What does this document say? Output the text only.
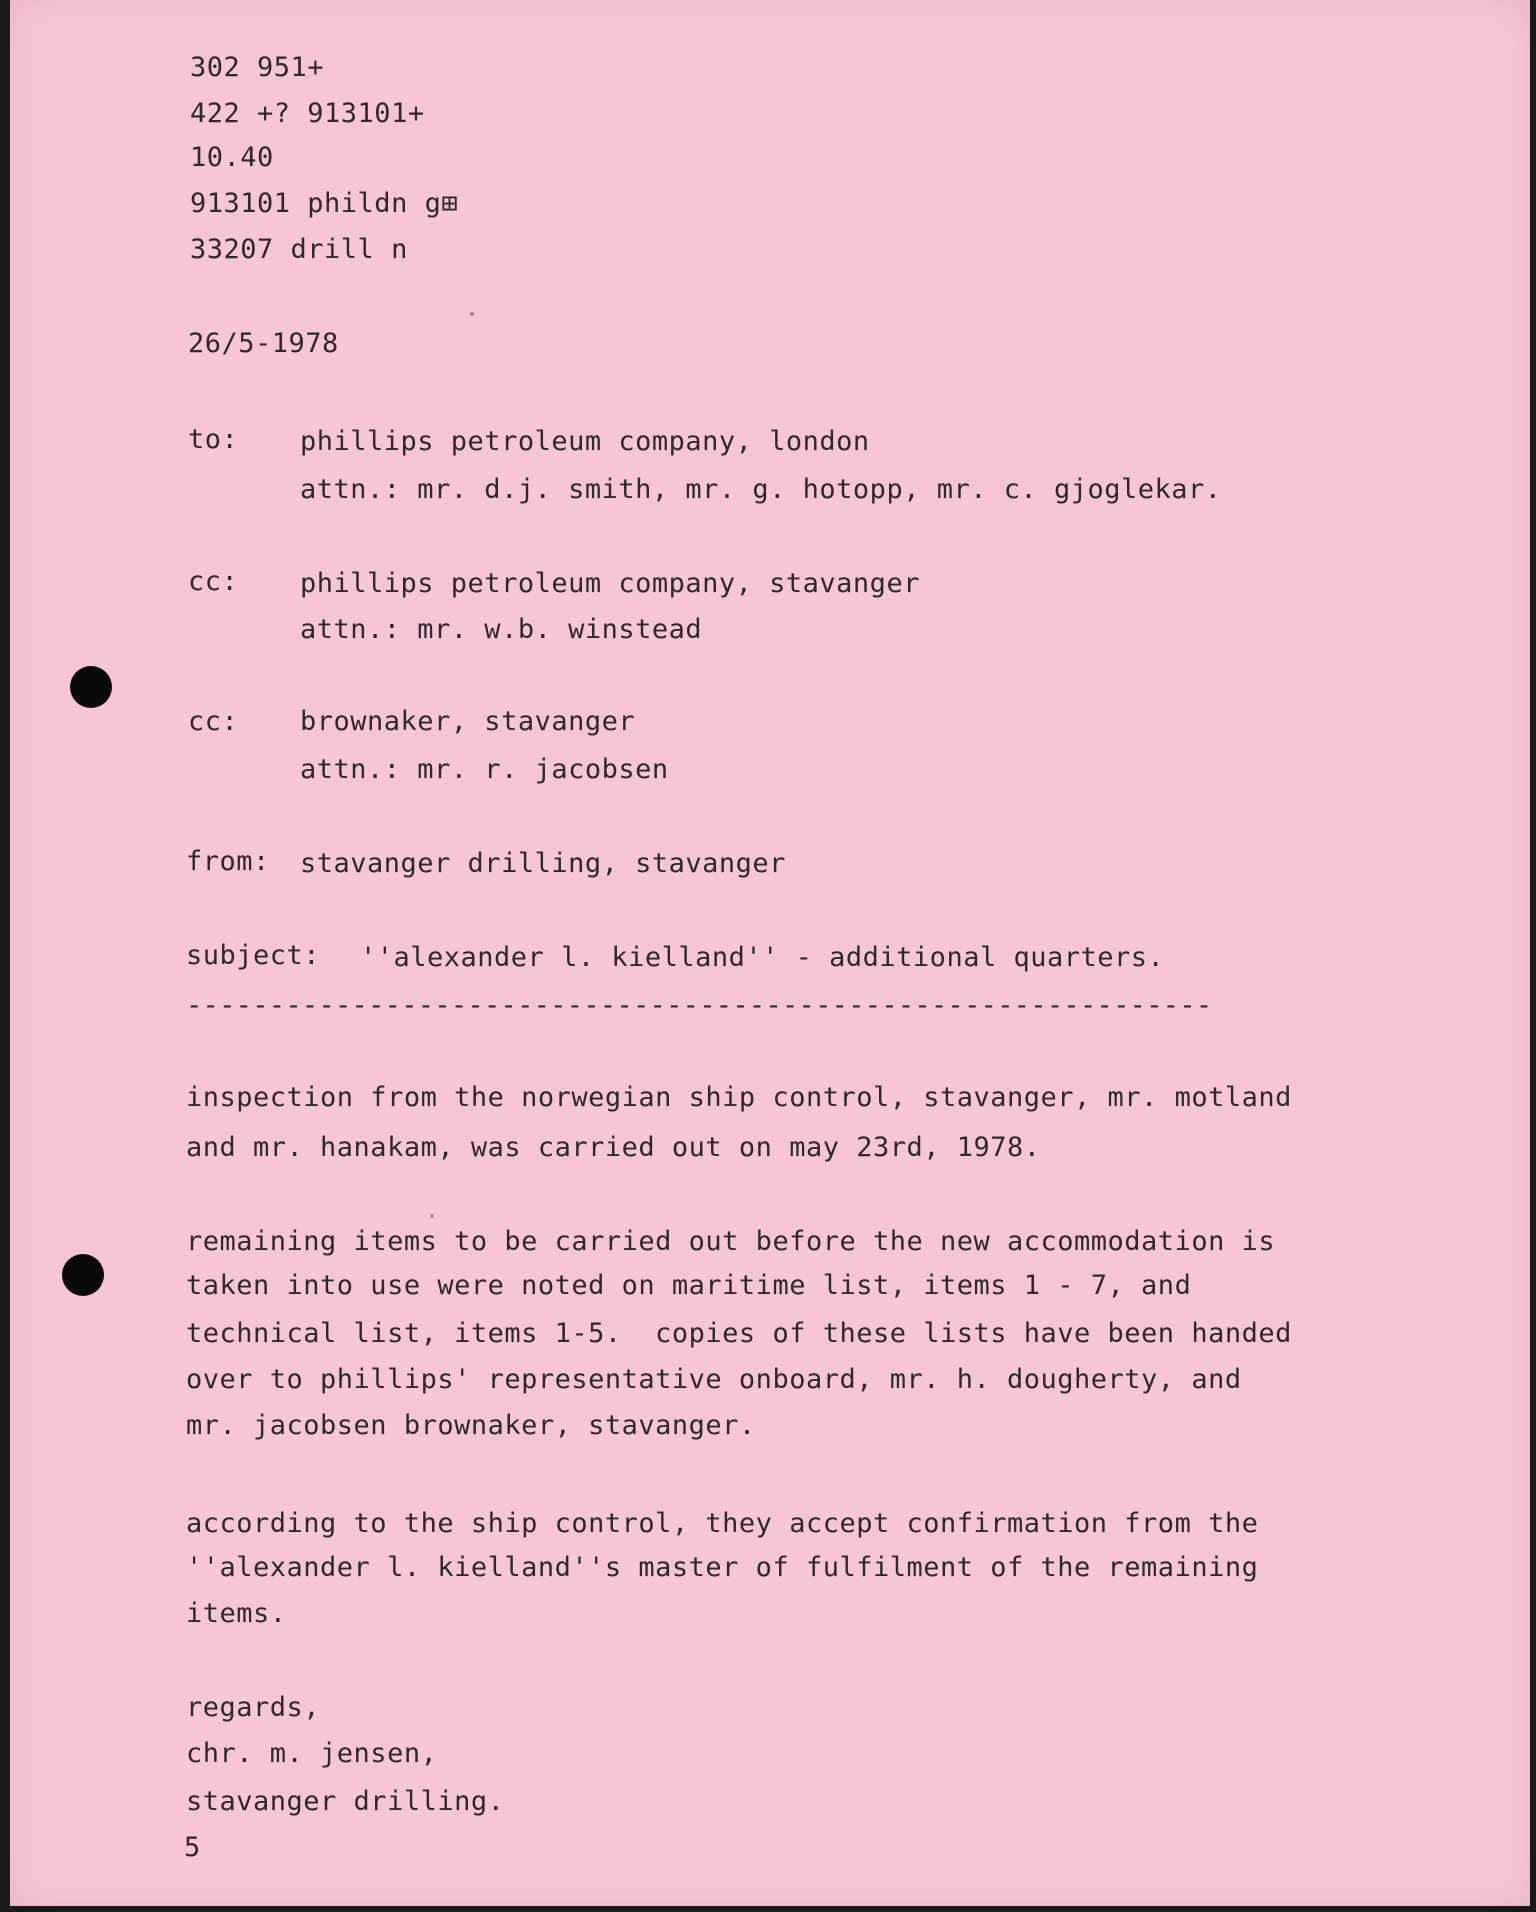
302 951+
422 +? 913101+
10.40
913101 phildn g⊞
33207 drill n
26/5-1978
to: phillips petroleum company, london
attn.: mr. d.j. smith, mr. g. hotopp, mr. c. gjoglekar.
cc: phillips petroleum company, stavanger
attn.: mr. w.b. winstead
cc: brownaker, stavanger
attn.: mr. r. jacobsen
from: stavanger drilling, stavanger
subject: ''alexander l. kielland'' - additional quarters.
--------------------------------------------------------------
inspection from the norwegian ship control, stavanger, mr. motland
and mr. hanakam, was carried out on may 23rd, 1978.
remaining items to be carried out before the new accommodation is
taken into use were noted on maritime list, items 1 - 7, and
technical list, items 1-5.  copies of these lists have been handed
over to phillips' representative onboard, mr. h. dougherty, and
mr. jacobsen brownaker, stavanger.
according to the ship control, they accept confirmation from the
''alexander l. kielland''s master of fulfilment of the remaining
items.
regards,
chr. m. jensen,
stavanger drilling.
5
